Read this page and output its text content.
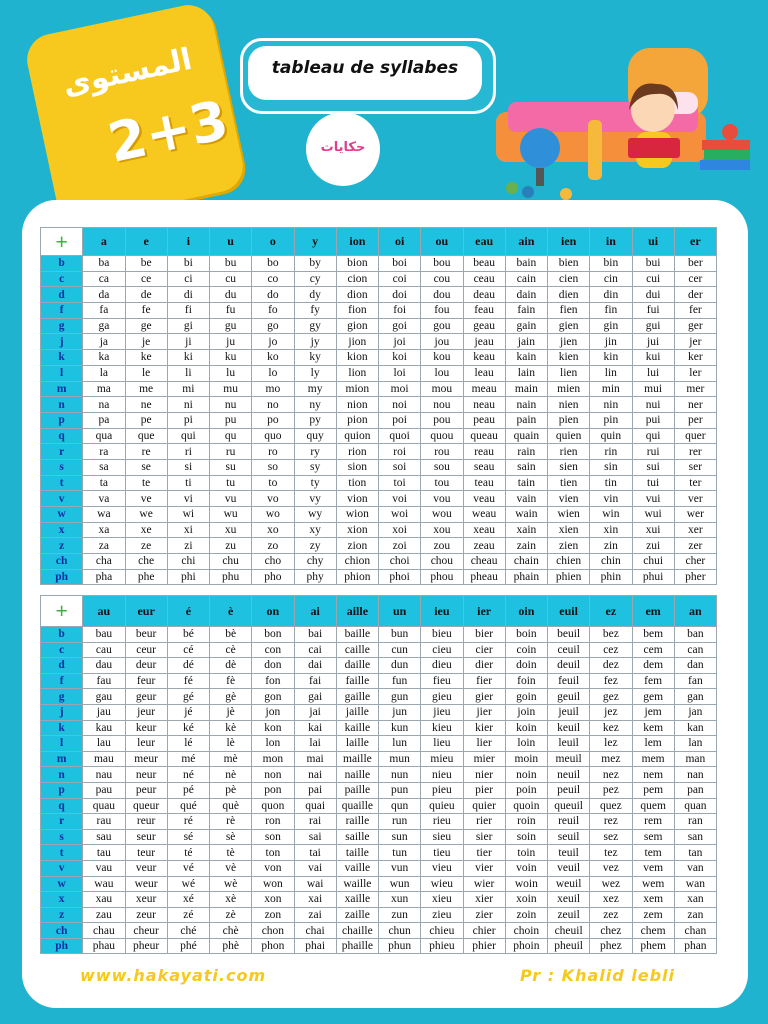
المستوى
2+3
tableau de syllabes
حكايات
+	a	e	i	u	o	y	ion	oi	ou	eau	ain	ien	in	ui	er
b	ba	be	bi	bu	bo	by	bion	boi	bou	beau	bain	bien	bin	bui	ber
c	ca	ce	ci	cu	co	cy	cion	coi	cou	ceau	cain	cien	cin	cui	cer
d	da	de	di	du	do	dy	dion	doi	dou	deau	dain	dien	din	dui	der
f	fa	fe	fi	fu	fo	fy	fion	foi	fou	feau	fain	fien	fin	fui	fer
g	ga	ge	gi	gu	go	gy	gion	goi	gou	geau	gain	gien	gin	gui	ger
j	ja	je	ji	ju	jo	jy	jion	joi	jou	jeau	jain	jien	jin	jui	jer
k	ka	ke	ki	ku	ko	ky	kion	koi	kou	keau	kain	kien	kin	kui	ker
l	la	le	li	lu	lo	ly	lion	loi	lou	leau	lain	lien	lin	lui	ler
m	ma	me	mi	mu	mo	my	mion	moi	mou	meau	main	mien	min	mui	mer
n	na	ne	ni	nu	no	ny	nion	noi	nou	neau	nain	nien	nin	nui	ner
p	pa	pe	pi	pu	po	py	pion	poi	pou	peau	pain	pien	pin	pui	per
q	qua	que	qui	qu	quo	quy	quion	quoi	quou	queau	quain	quien	quin	qui	quer
r	ra	re	ri	ru	ro	ry	rion	roi	rou	reau	rain	rien	rin	rui	rer
s	sa	se	si	su	so	sy	sion	soi	sou	seau	sain	sien	sin	sui	ser
t	ta	te	ti	tu	to	ty	tion	toi	tou	teau	tain	tien	tin	tui	ter
v	va	ve	vi	vu	vo	vy	vion	voi	vou	veau	vain	vien	vin	vui	ver
w	wa	we	wi	wu	wo	wy	wion	woi	wou	weau	wain	wien	win	wui	wer
x	xa	xe	xi	xu	xo	xy	xion	xoi	xou	xeau	xain	xien	xin	xui	xer
z	za	ze	zi	zu	zo	zy	zion	zoi	zou	zeau	zain	zien	zin	zui	zer
ch	cha	che	chi	chu	cho	chy	chion	choi	chou	cheau	chain	chien	chin	chui	cher
ph	pha	phe	phi	phu	pho	phy	phion	phoi	phou	pheau	phain	phien	phin	phui	pher
+	au	eur	é	è	on	ai	aille	un	ieu	ier	oin	euil	ez	em	an
b	bau	beur	bé	bè	bon	bai	baille	bun	bieu	bier	boin	beuil	bez	bem	ban
c	cau	ceur	cé	cè	con	cai	caille	cun	cieu	cier	coin	ceuil	cez	cem	can
d	dau	deur	dé	dè	don	dai	daille	dun	dieu	dier	doin	deuil	dez	dem	dan
f	fau	feur	fé	fè	fon	fai	faille	fun	fieu	fier	foin	feuil	fez	fem	fan
g	gau	geur	gé	gè	gon	gai	gaille	gun	gieu	gier	goin	geuil	gez	gem	gan
j	jau	jeur	jé	jè	jon	jai	jaille	jun	jieu	jier	join	jeuil	jez	jem	jan
k	kau	keur	ké	kè	kon	kai	kaille	kun	kieu	kier	koin	keuil	kez	kem	kan
l	lau	leur	lé	lè	lon	lai	laille	lun	lieu	lier	loin	leuil	lez	lem	lan
m	mau	meur	mé	mè	mon	mai	maille	mun	mieu	mier	moin	meuil	mez	mem	man
n	nau	neur	né	nè	non	nai	naille	nun	nieu	nier	noin	neuil	nez	nem	nan
p	pau	peur	pé	pè	pon	pai	paille	pun	pieu	pier	poin	peuil	pez	pem	pan
q	quau	queur	qué	què	quon	quai	quaille	qun	quieu	quier	quoin	queuil	quez	quem	quan
r	rau	reur	ré	rè	ron	rai	raille	run	rieu	rier	roin	reuil	rez	rem	ran
s	sau	seur	sé	sè	son	sai	saille	sun	sieu	sier	soin	seuil	sez	sem	san
t	tau	teur	té	tè	ton	tai	taille	tun	tieu	tier	toin	teuil	tez	tem	tan
v	vau	veur	vé	vè	von	vai	vaille	vun	vieu	vier	voin	veuil	vez	vem	van
w	wau	weur	wé	wè	won	wai	waille	wun	wieu	wier	woin	weuil	wez	wem	wan
x	xau	xeur	xé	xè	xon	xai	xaille	xun	xieu	xier	xoin	xeuil	xez	xem	xan
z	zau	zeur	zé	zè	zon	zai	zaille	zun	zieu	zier	zoin	zeuil	zez	zem	zan
ch	chau	cheur	ché	chè	chon	chai	chaille	chun	chieu	chier	choin	cheuil	chez	chem	chan
ph	phau	pheur	phé	phè	phon	phai	phaille	phun	phieu	phier	phoin	pheuil	phez	phem	phan
www.hakayati.com	Pr : Khalid lebli
